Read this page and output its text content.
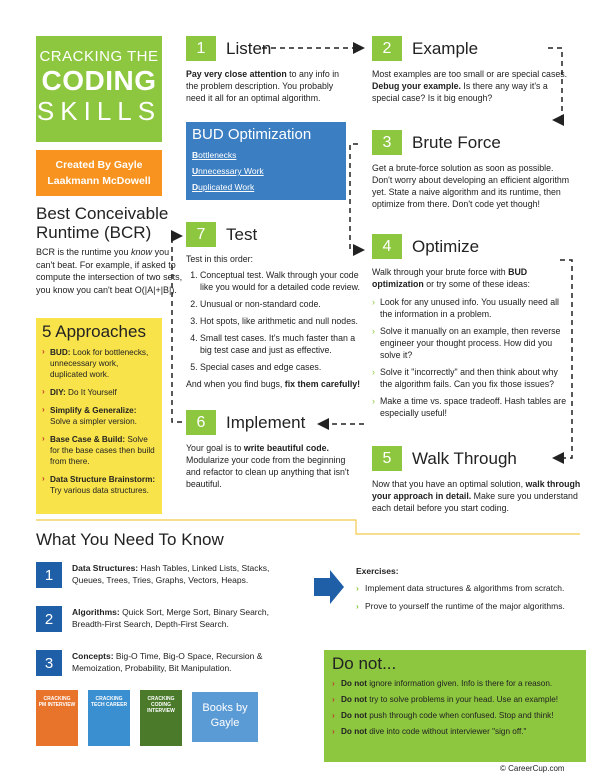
CRACKING THE
CODING
SKILLS
Created By Gayle
Laakmann McDowell
Best Conceivable Runtime (BCR)
BCR is the runtime you know you can't beat. For example, if asked to compute the intersection of two sets, you know you can't beat O(|A|+|B|).
5 Approaches
› BUD: Look for bottlenecks, unnecessary work, duplicated work.
› DIY: Do It Yourself
› Simplify & Generalize: Solve a simpler version.
› Base Case & Build: Solve for the base cases then build from there.
› Data Structure Brainstorm: Try various data structures.
1	Listen
Pay very close attention to any info in the problem description. You probably need it all for an optimal algorithm.
BUD Optimization
Bottlenecks
Unnecessary Work
Duplicated Work
2	Example
Most examples are too small or are special cases. Debug your example. Is there any way it's a special case? Is it big enough?
3	Brute Force
Get a brute-force solution as soon as possible. Don't worry about developing an efficient algorithm yet. State a naive algorithm and its runtime, then optimize from there. Don't code yet though!
7	Test
Test in this order:
1. Conceptual test. Walk through your code like you would for a detailed code review.
2. Unusual or non-standard code.
3. Hot spots, like arithmetic and null nodes.
4. Small test cases. It's much faster than a big test case and just as effective.
5. Special cases and edge cases.
And when you find bugs, fix them carefully!
4	Optimize
Walk through your brute force with BUD optimization or try some of these ideas:
› Look for any unused info. You usually need all the information in a problem.
› Solve it manually on an example, then reverse engineer your thought process. How did you solve it?
› Solve it "incorrectly" and then think about why the algorithm fails. Can you fix those issues?
› Make a time vs. space tradeoff. Hash tables are especially useful!
6	Implement
Your goal is to write beautiful code. Modularize your code from the beginning and refactor to clean up anything that isn't beautiful.
5	Walk Through
Now that you have an optimal solution, walk through your approach in detail. Make sure you understand each detail before you start coding.
What You Need To Know
1	Data Structures: Hash Tables, Linked Lists, Stacks, Queues, Trees, Tries, Graphs, Vectors, Heaps.
2	Algorithms: Quick Sort, Merge Sort, Binary Search, Breadth-First Search, Depth-First Search.
3	Concepts: Big-O Time, Big-O Space, Recursion & Memoization, Probability, Bit Manipulation.
Exercises:
› Implement data structures & algorithms from scratch.
› Prove to yourself the runtime of the major algorithms.
CRACKING
PM INTERVIEW
CRACKING
TECH CAREER
CRACKING
CODING INTERVIEW	Books by
Gayle
Do not...
› Do not ignore information given. Info is there for a reason.
› Do not try to solve problems in your head. Use an example!
› Do not push through code when confused. Stop and think!
› Do not dive into code without interviewer "sign off."
© CareerCup.com
